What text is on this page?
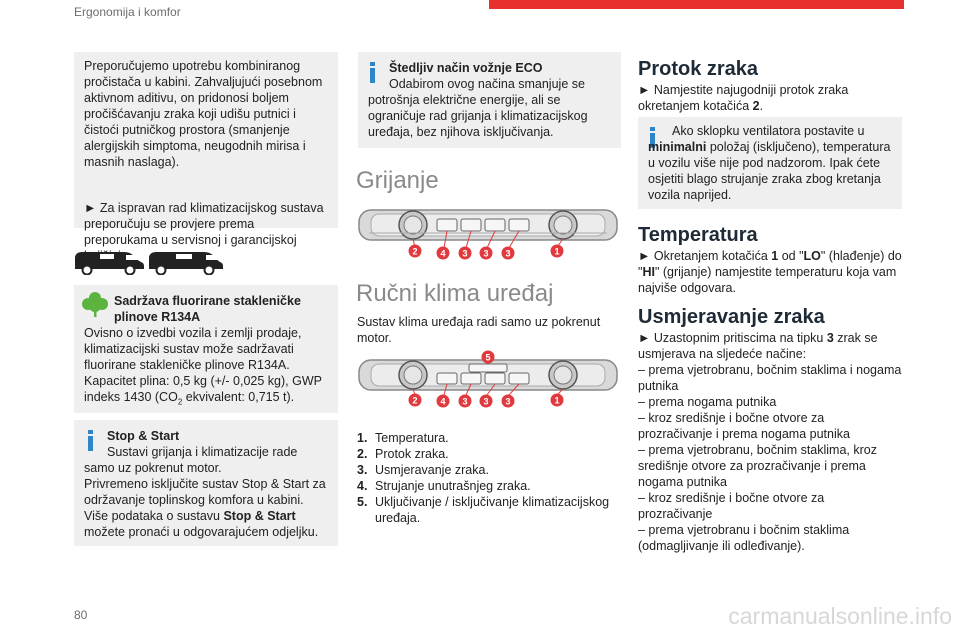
Ergonomija i komfor

Preporučujemo upotrebu kombiniranog pročistača u kabini. Zahvaljujući posebnom aktivnom aditivu, on pridonosi boljem pročišćavanju zraka koji udišu putnici i čistoći putničkog prostora (smanjenje alergijskih simptoma, neugodnih mirisa i masnih naslaga).

► Za ispravan rad klimatizacijskog sustava preporučuju se provjere prema preporukama u servisnoj i garancijskoj

Sadržava fluorirane stakleničke plinove R134A

Ovisno o izvedbi vozila i zemlji prodaje, klimatizacijski sustav može sadržavati fluorirane stakleničke plinove R134A.

Kapacitet plina: 0,5 kg (+/- 0,025 kg), GWP indeks 1430 ($CO_2$ ekvivalent: 0,715 t).

Stop & Start

Sustavi grijanja i klimatizacije rade samo uz pokrenut motor.

Privremeno isključite sustav Stop & Start za održavanje toplinskog komfora u kabini.

Više podataka o sustavu Stop & Start možete pronaći u odgovarajućem odjeljku.

Štedljiv način vožnje ECO

Odabirom ovog načina smanjuje se potrošnja električne energije, ali se ograničuje rad grijanja i klimatizacijskog uređaja, bez njihova isključivanja.

Grijanje
2	4 3 3 3	1
Ručni klima uređaj

Sustav klima uređaja radi samo uz pokrenut motor.

5
2	4 3 3 3	1
1. Temperatura.
2. Protok zraka.
3. Usmjeravanje zraka.
4. Strujanje unutrašnjeg zraka.
5. Uključivanje / isključivanje klimatizacijskog uređaja.
Protok zraka

► Namjestite najugodniji protok zraka okretanjem kotačića 2.

Ako sklopku ventilatora postavite u minimalni položaj (isključeno), temperatura u vozilu više nije pod nadzorom. Ipak ćete osjetiti blago strujanje zraka zbog kretanja vozila naprijed.

Temperatura

► Okretanjem kotačića 1 od "LO" (hlađenje) do "HI" (grijanje) namjestite temperaturu koja vam najviše odgovara.

Usmjeravanje zraka

► Uzastopnim pritiscima na tipku 3 zrak se usmjerava na sljedeće načine:

– prema vjetrobranu, bočnim staklima i nogama putnika

– prema nogama putnika

– kroz središnje i bočne otvore za prozračivanje i prema nogama putnika

– prema vjetrobranu, bočnim staklima, kroz središnje otvore za prozračivanje i prema nogama putnika

– kroz središnje i bočne otvore za prozračivanje

– prema vjetrobranu i bočnim staklima (odmagljivanje ili odleđivanje).

80	carmanualsonline.info
